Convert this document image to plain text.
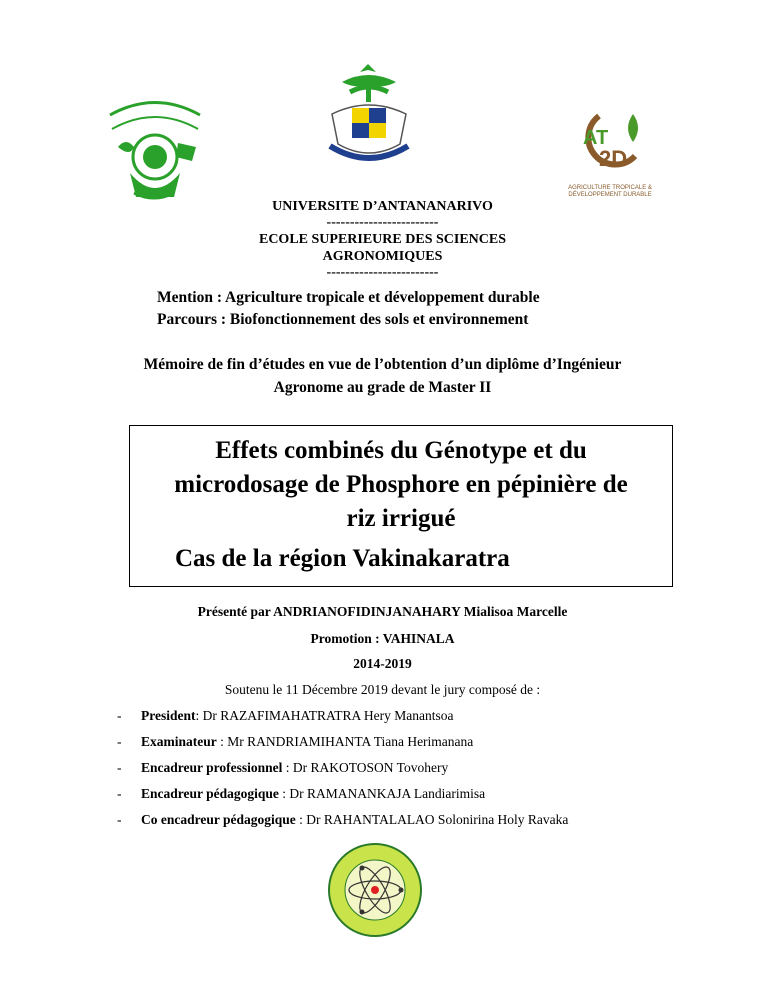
AT
2D
AGRICULTURE TROPICALE &
DÉVELOPPEMENT DURABLE
UNIVERSITE D’ANTANANARIVO
------------------------
ECOLE SUPERIEURE DES SCIENCES
AGRONOMIQUES
------------------------
Mention : Agriculture tropicale et développement durable
Parcours : Biofonctionnement des sols et environnement
Mémoire de fin d’études en vue de l’obtention d’un diplôme d’Ingénieur
Agronome au grade de Master II
Effets combinés du Génotype et du
microdosage de Phosphore en pépinière de
riz irrigué
Cas de la région Vakinakaratra
Présenté par ANDRIANOFIDINJANAHARY Mialisoa Marcelle
Promotion : VAHINALA
2014-2019
Soutenu le 11 Décembre 2019 devant le jury composé de :
- President: Dr RAZAFIMAHATRATRA Hery Manantsoa
- Examinateur : Mr RANDRIAMIHANTA Tiana Herimanana
- Encadreur professionnel : Dr RAKOTOSON Tovohery
- Encadreur pédagogique : Dr RAMANANKAJA Landiarimisa
- Co encadreur pédagogique : Dr RAHANTALALAO Solonirina Holy Ravaka
